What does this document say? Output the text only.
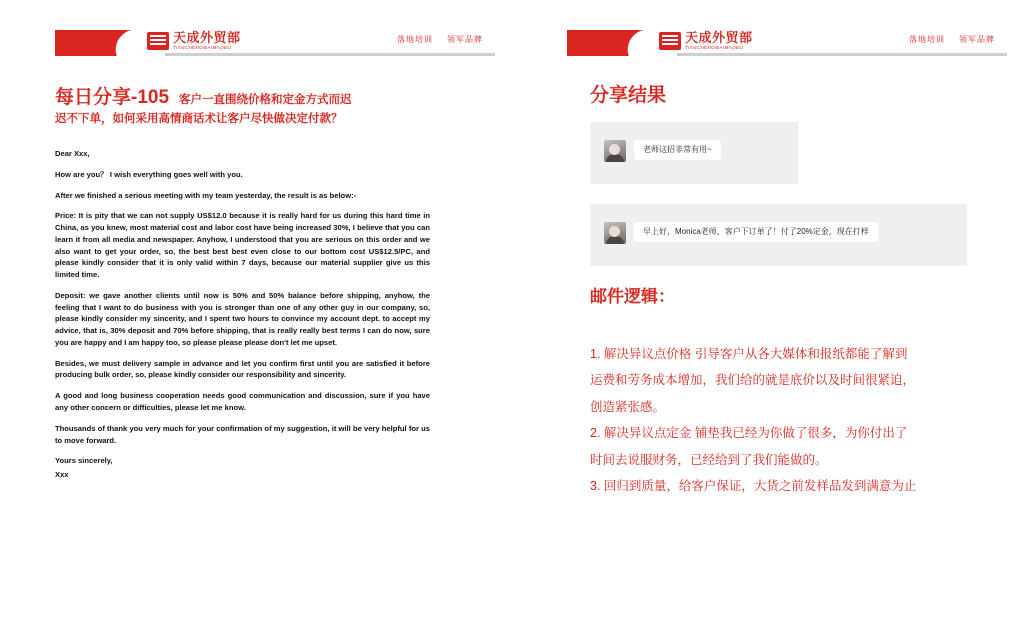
天成外贸部
TIANCHENGWAIMAOBU
落地培训 领军品牌
每日分享-105 客户一直围绕价格和定金方式而迟
迟不下单，如何采用高情商话术让客户尽快做决定付款？

Dear Xxx,

How are you？ I wish everything goes well with you.

After we finished a serious meeting with my team yesterday, the result is as below:-

Price: It is pity that we can not supply US$12.0 because it is really hard for us during this hard time in China, as you knew, most material cost and labor cost have being increased 30%, I believe that you can learn it from all media and newspaper. Anyhow, I understood that you are serious on this order and we also want to get your order, so, the best best best even close to our bottom cost US$12.5/PC, and please kindly consider that it is only valid within 7 days, because our material supplier give us this limited time.

Deposit: we gave another clients until now is 50% and 50% balance before shipping, anyhow, the feeling that I want to do business with you is stronger than one of any other guy in our company, so, please kindly consider my sincerity, and I spent two hours to convince my account dept. to accept my advice, that is, 30% deposit and 70% before shipping, that is really really best terms I can do now, sure you are happy and I am happy too, so please please please don't let me upset.

Besides, we must delivery sample in advance and let you confirm first until you are satisfied it before producing bulk order, so, please kindly consider our responsibility and sincerity.

A good and long business cooperation needs good communication and discussion, sure if you have any other concern or difficulties, please let me know.

Thousands of thank you very much for your confirmation of my suggestion, it will be very helpful for us to move forward.

Yours sincerely,

Xxx

天成外贸部
TIANCHENGWAIMAOBU
落地培训 领军品牌
分享结果
老师这招非常有用~
早上好，Monica老师，客户下订单了！付了20%定金，现在打样
邮件逻辑：
1. 解决异议点价格 引导客户从各大媒体和报纸都能了解到
运费和劳务成本增加，我们给的就是底价以及时间很紧迫，
创造紧张感。
2. 解决异议点定金 铺垫我已经为你做了很多，为你付出了
时间去说服财务，已经给到了我们能做的。
3. 回归到质量，给客户保证，大货之前发样品发到满意为止
